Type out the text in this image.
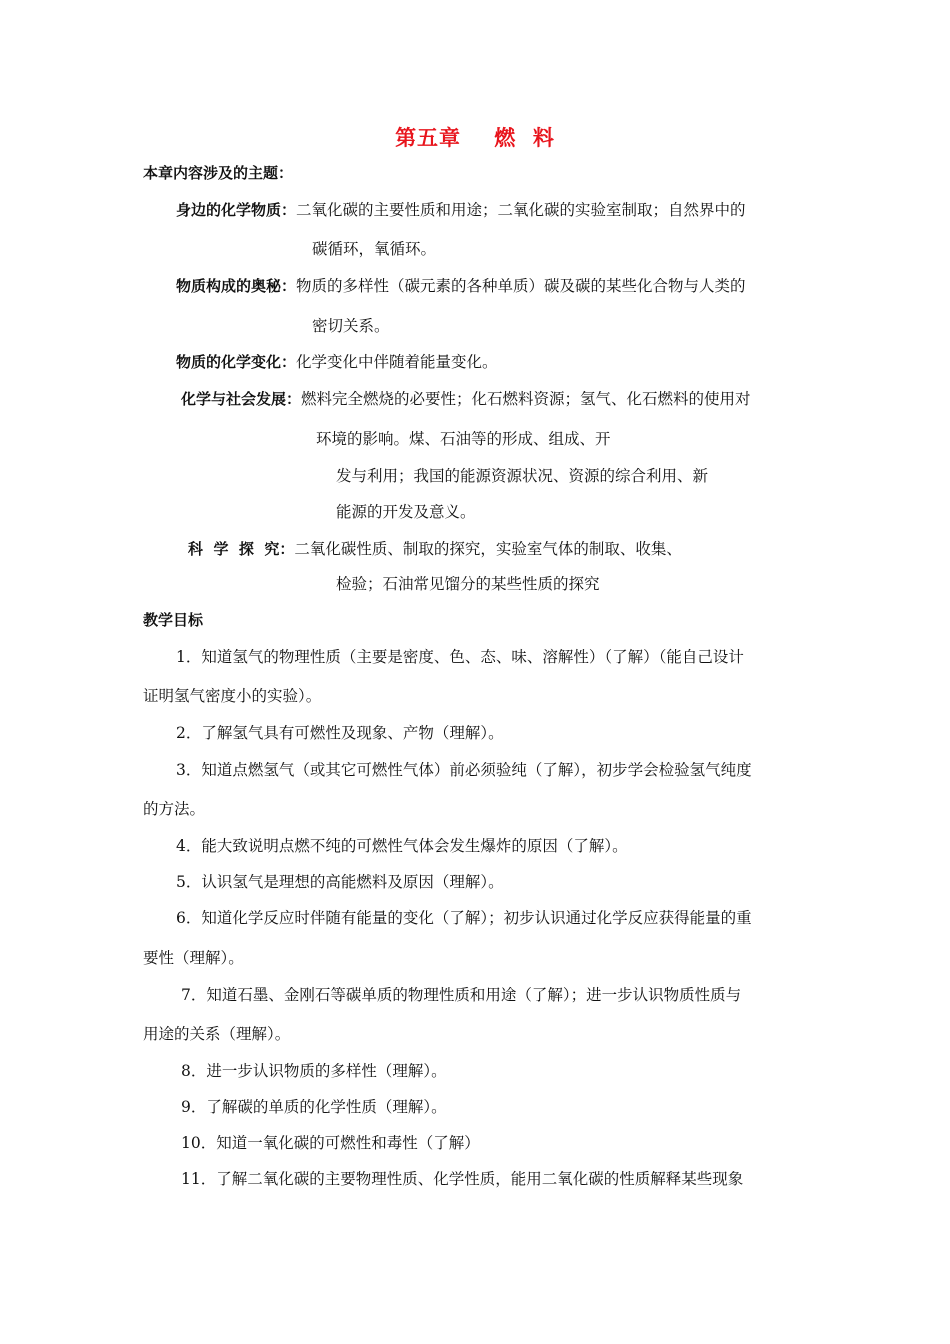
第五章    燃  料
本章内容涉及的主题：
身边的化学物质：二氧化碳的主要性质和用途；二氧化碳的实验室制取；自然界中的
碳循环，氧循环。
物质构成的奥秘：物质的多样性（碳元素的各种单质）碳及碳的某些化合物与人类的
密切关系。
物质的化学变化：化学变化中伴随着能量变化。
化学与社会发展：燃料完全燃烧的必要性；化石燃料资源；氢气、化石燃料的使用对
环境的影响。煤、石油等的形成、组成、开
发与利用；我国的能源资源状况、资源的综合利用、新
能源的开发及意义。
科  学  探  究：二氧化碳性质、制取的探究，实验室气体的制取、收集、
检验；石油常见馏分的某些性质的探究
教学目标
1．知道氢气的物理性质（主要是密度、色、态、味、溶解性）（了解）（能自己设计
证明氢气密度小的实验）。
2．了解氢气具有可燃性及现象、产物（理解）。
3．知道点燃氢气（或其它可燃性气体）前必须验纯（了解），初步学会检验氢气纯度
的方法。
4．能大致说明点燃不纯的可燃性气体会发生爆炸的原因（了解）。
5．认识氢气是理想的高能燃料及原因（理解）。
6．知道化学反应时伴随有能量的变化（了解）；初步认识通过化学反应获得能量的重
要性（理解）。
7．知道石墨、金刚石等碳单质的物理性质和用途（了解）；进一步认识物质性质与
用途的关系（理解）。
8．进一步认识物质的多样性（理解）。
9．了解碳的单质的化学性质（理解）。
10．知道一氧化碳的可燃性和毒性（了解）
11．了解二氧化碳的主要物理性质、化学性质，能用二氧化碳的性质解释某些现象
